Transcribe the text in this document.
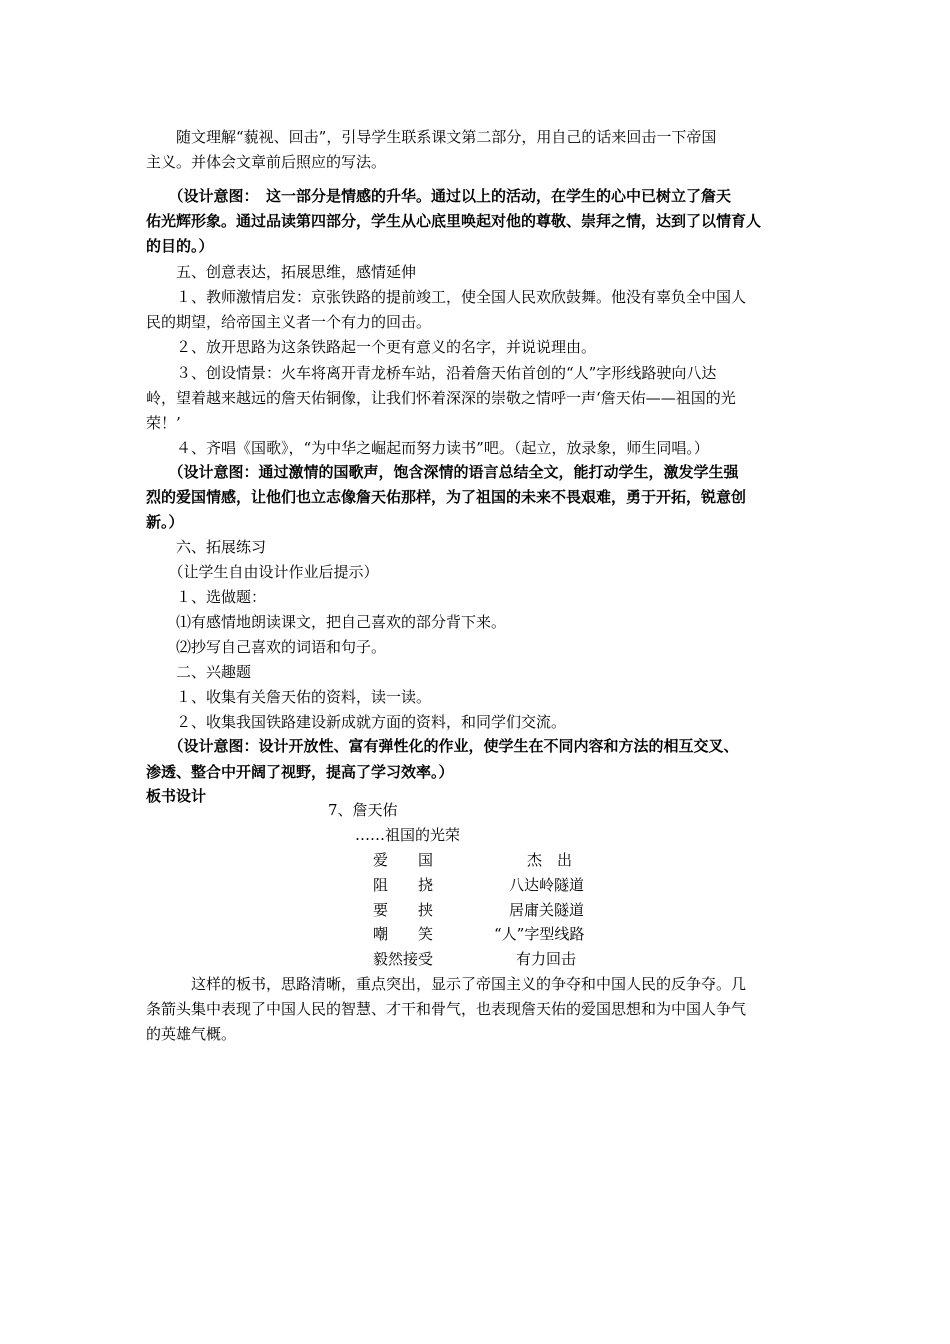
　　随文理解“藐视、回击”，引导学生联系课文第二部分，用自己的话来回击一下帝国
主义。并体会文章前后照应的写法。
　　（设计意图：　这一部分是情感的升华。通过以上的活动，在学生的心中已树立了詹天
佑光辉形象。通过品读第四部分，学生从心底里唤起对他的尊敬、崇拜之情，达到了以情育人
的目的。）
　　五、创意表达，拓展思维，感情延伸
　　１、教师激情启发：京张铁路的提前竣工，使全国人民欢欣鼓舞。他没有辜负全中国人
民的期望，给帝国主义者一个有力的回击。
　　２、放开思路为这条铁路起一个更有意义的名字，并说说理由。
　　３、创设情景：火车将离开青龙桥车站，沿着詹天佑首创的“人”字形线路驶向八达
岭，望着越来越远的詹天佑铜像，让我们怀着深深的崇敬之情呼一声‘詹天佑——祖国的光
荣！’
　　４、齐唱《国歌》，“为中华之崛起而努力读书”吧。（起立，放录象，师生同唱。）
　　（设计意图：通过激情的国歌声，饱含深情的语言总结全文，能打动学生，激发学生强
烈的爱国情感，让他们也立志像詹天佑那样，为了祖国的未来不畏艰难，勇于开拓，锐意创
新。）
　　六、拓展练习
　　（让学生自由设计作业后提示）
　　１、选做题：
　　⑴有感情地朗读课文，把自己喜欢的部分背下来。
　　⑵抄写自己喜欢的词语和句子。
　　二、兴趣题
　　１、收集有关詹天佑的资料，读一读。
　　２、收集我国铁路建设新成就方面的资料，和同学们交流。
　　（设计意图：设计开放性、富有弹性化的作业，使学生在不同内容和方法的相互交叉、
渗透、整合中开阔了视野，提高了学习效率。）
板书设计
7、詹天佑
……祖国的光荣
爱　　国	杰　出
阻　　挠	八达岭隧道
要　　挟	居庸关隧道
嘲　　笑	“人”字型线路
毅然接受	有力回击
　　　这样的板书，思路清晰，重点突出，显示了帝国主义的争夺和中国人民的反争夺。几
条箭头集中表现了中国人民的智慧、才干和骨气，也表现詹天佑的爱国思想和为中国人争气
的英雄气概。
